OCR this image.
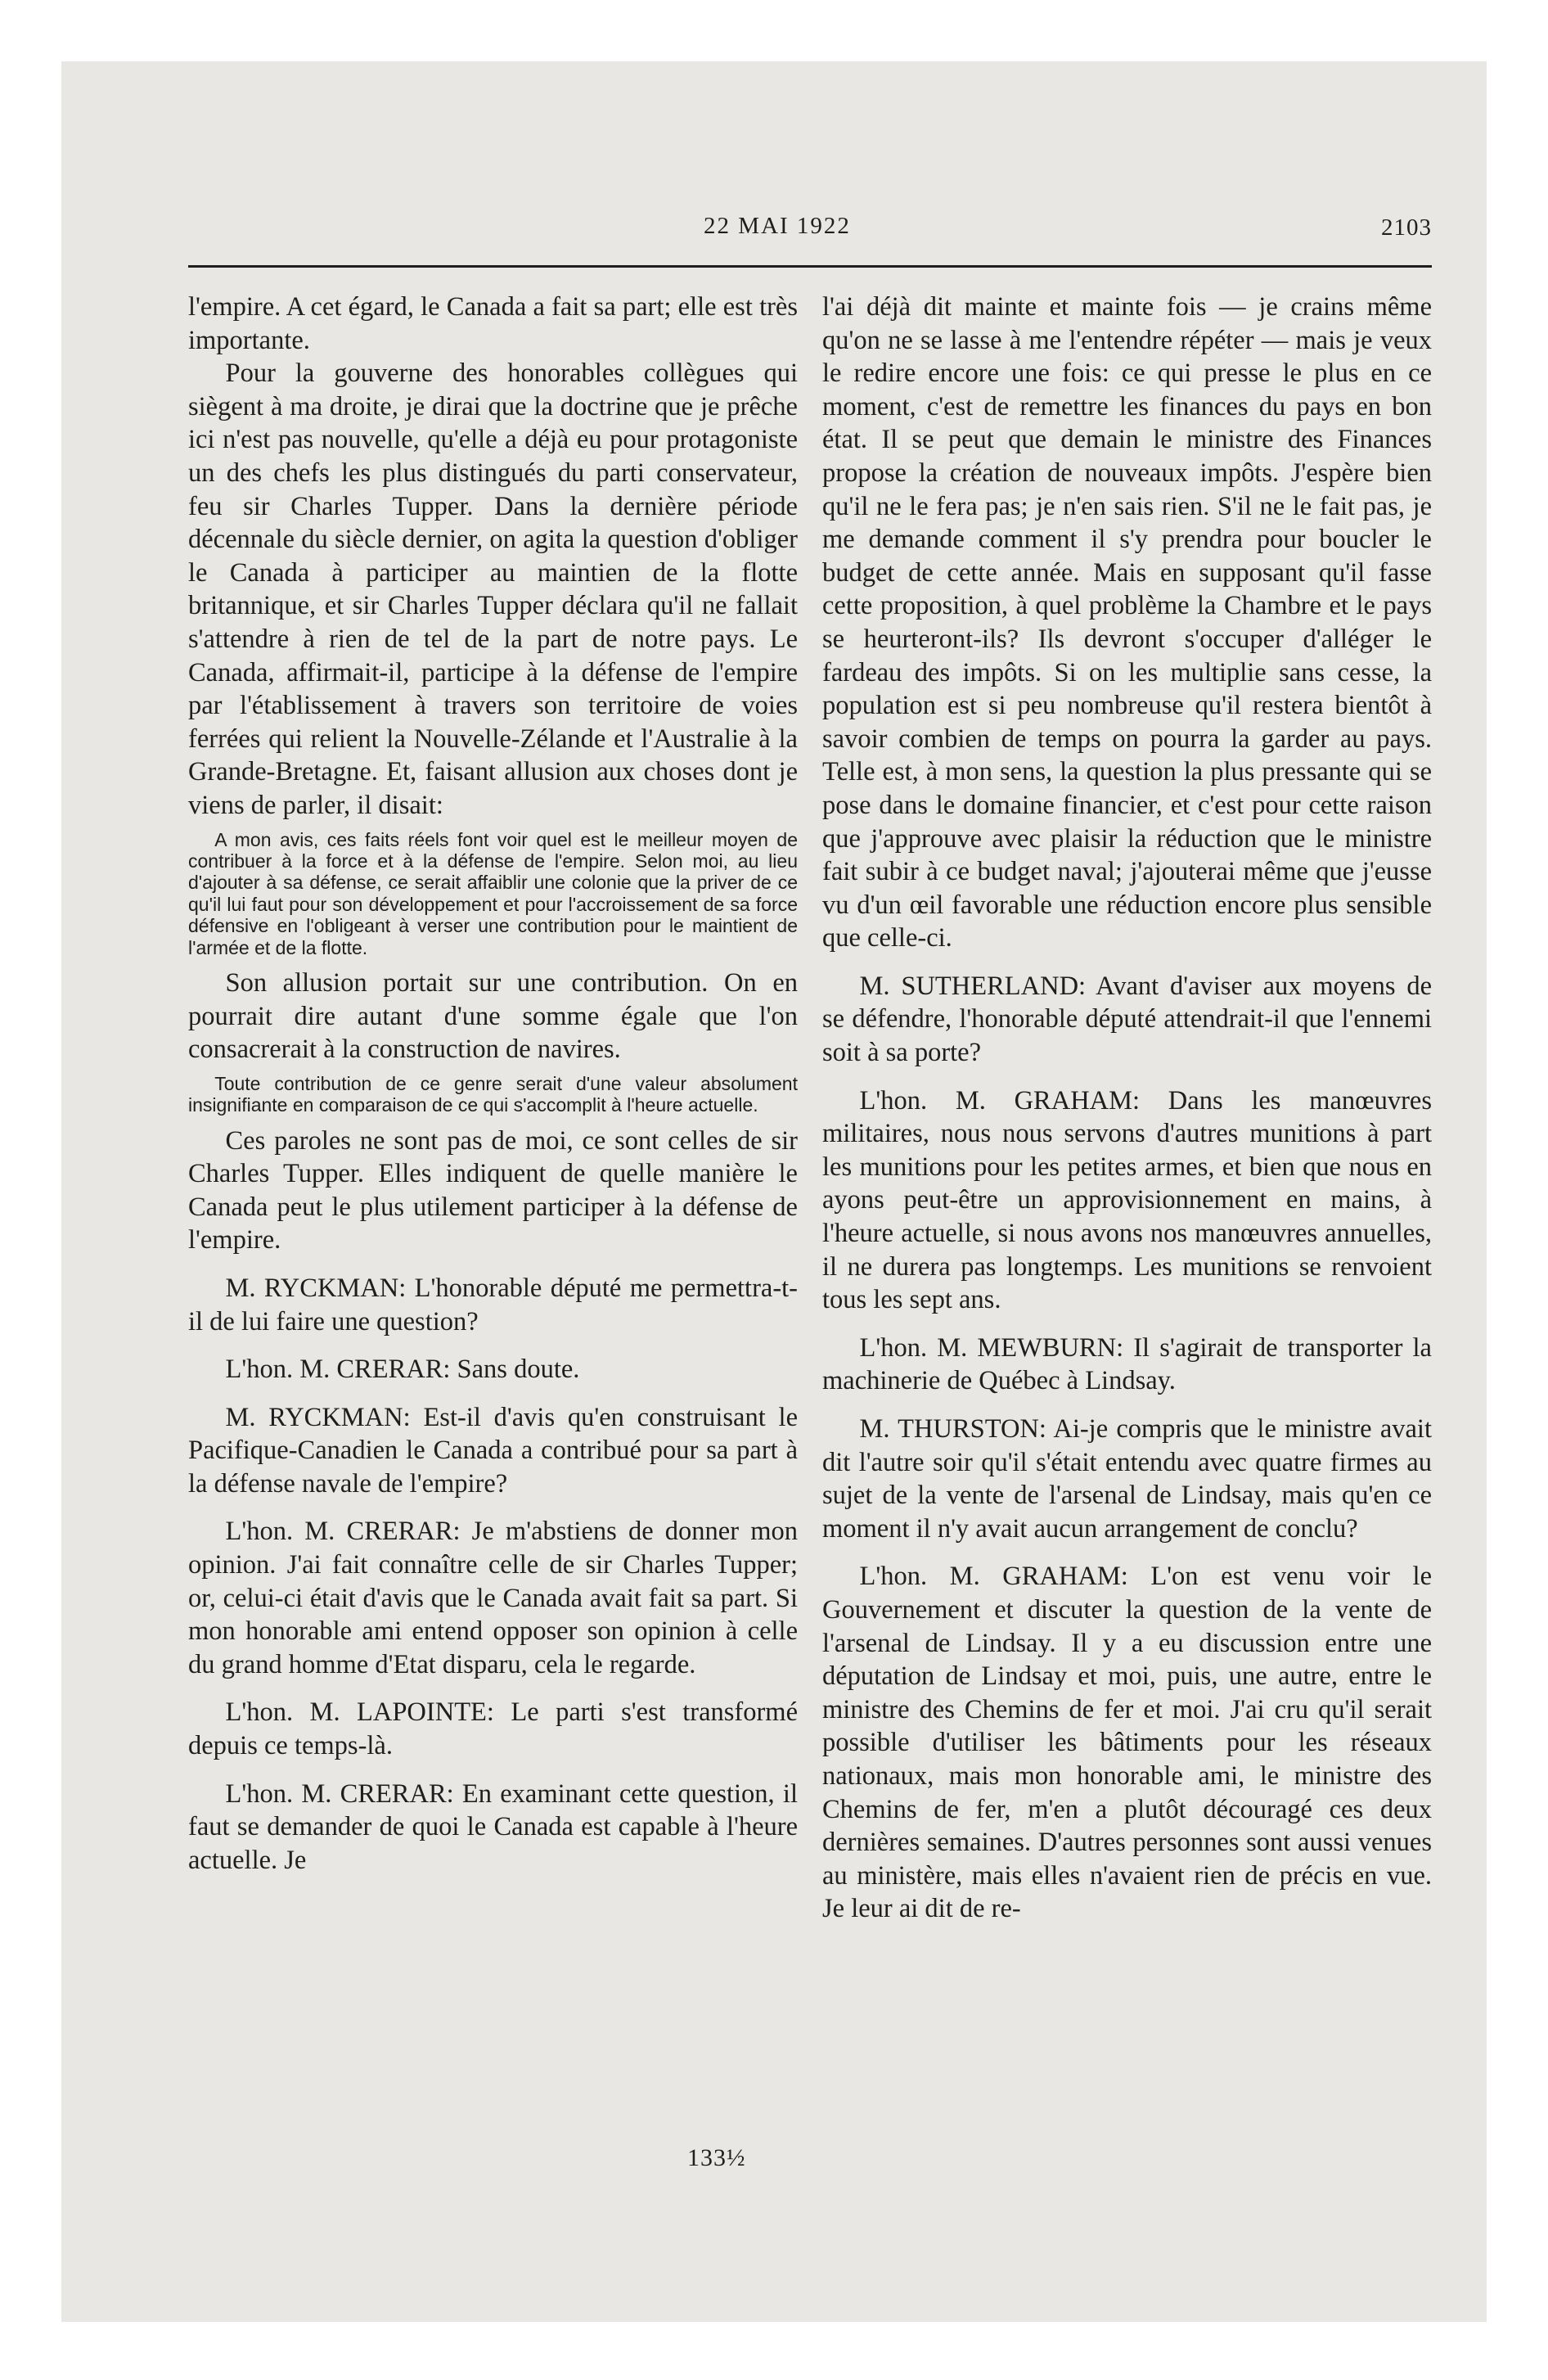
22 MAI 1922	2103

l'empire. A cet égard, le Canada a fait sa part; elle est très importante.

Pour la gouverne des honorables collègues qui siègent à ma droite, je dirai que la doctrine que je prêche ici n'est pas nouvelle, qu'elle a déjà eu pour protagoniste un des chefs les plus distingués du parti conservateur, feu sir Charles Tupper. Dans la dernière période décennale du siècle dernier, on agita la question d'obliger le Canada à participer au maintien de la flotte britannique, et sir Charles Tupper déclara qu'il ne fallait s'attendre à rien de tel de la part de notre pays. Le Canada, affirmait-il, participe à la défense de l'empire par l'établissement à travers son territoire de voies ferrées qui relient la Nouvelle-Zélande et l'Australie à la Grande-Bretagne. Et, faisant allusion aux choses dont je viens de parler, il disait:

A mon avis, ces faits réels font voir quel est le meilleur moyen de contribuer à la force et à la défense de l'empire. Selon moi, au lieu d'ajouter à sa défense, ce serait affaiblir une colonie que la priver de ce qu'il lui faut pour son développement et pour l'accroissement de sa force défensive en l'obligeant à verser une contribution pour le maintient de l'armée et de la flotte.

Son allusion portait sur une contribution. On en pourrait dire autant d'une somme égale que l'on consacrerait à la construction de navires.

Toute contribution de ce genre serait d'une valeur absolument insignifiante en comparaison de ce qui s'accomplit à l'heure actuelle.

Ces paroles ne sont pas de moi, ce sont celles de sir Charles Tupper. Elles indiquent de quelle manière le Canada peut le plus utilement participer à la défense de l'empire.

M. RYCKMAN: L'honorable député me permettra-t-il de lui faire une question?

L'hon. M. CRERAR: Sans doute.

M. RYCKMAN: Est-il d'avis qu'en construisant le Pacifique-Canadien le Canada a contribué pour sa part à la défense navale de l'empire?

L'hon. M. CRERAR: Je m'abstiens de donner mon opinion. J'ai fait connaître celle de sir Charles Tupper; or, celui-ci était d'avis que le Canada avait fait sa part. Si mon honorable ami entend opposer son opinion à celle du grand homme d'Etat disparu, cela le regarde.

L'hon. M. LAPOINTE: Le parti s'est transformé depuis ce temps-là.

L'hon. M. CRERAR: En examinant cette question, il faut se demander de quoi le Canada est capable à l'heure actuelle. Je

l'ai déjà dit mainte et mainte fois — je crains même qu'on ne se lasse à me l'entendre répéter — mais je veux le redire encore une fois: ce qui presse le plus en ce moment, c'est de remettre les finances du pays en bon état. Il se peut que demain le ministre des Finances propose la création de nouveaux impôts. J'espère bien qu'il ne le fera pas; je n'en sais rien. S'il ne le fait pas, je me demande comment il s'y prendra pour boucler le budget de cette année. Mais en supposant qu'il fasse cette proposition, à quel problème la Chambre et le pays se heurteront-ils? Ils devront s'occuper d'alléger le fardeau des impôts. Si on les multiplie sans cesse, la population est si peu nombreuse qu'il restera bientôt à savoir combien de temps on pourra la garder au pays. Telle est, à mon sens, la question la plus pressante qui se pose dans le domaine financier, et c'est pour cette raison que j'approuve avec plaisir la réduction que le ministre fait subir à ce budget naval; j'ajouterai même que j'eusse vu d'un œil favorable une réduction encore plus sensible que celle-ci.

M. SUTHERLAND: Avant d'aviser aux moyens de se défendre, l'honorable député attendrait-il que l'ennemi soit à sa porte?

L'hon. M. GRAHAM: Dans les manœuvres militaires, nous nous servons d'autres munitions à part les munitions pour les petites armes, et bien que nous en ayons peut-être un approvisionnement en mains, à l'heure actuelle, si nous avons nos manœuvres annuelles, il ne durera pas longtemps. Les munitions se renvoient tous les sept ans.

L'hon. M. MEWBURN: Il s'agirait de transporter la machinerie de Québec à Lindsay.

M. THURSTON: Ai-je compris que le ministre avait dit l'autre soir qu'il s'était entendu avec quatre firmes au sujet de la vente de l'arsenal de Lindsay, mais qu'en ce moment il n'y avait aucun arrangement de conclu?

L'hon. M. GRAHAM: L'on est venu voir le Gouvernement et discuter la question de la vente de l'arsenal de Lindsay. Il y a eu discussion entre une députation de Lindsay et moi, puis, une autre, entre le ministre des Chemins de fer et moi. J'ai cru qu'il serait possible d'utiliser les bâtiments pour les réseaux nationaux, mais mon honorable ami, le ministre des Chemins de fer, m'en a plutôt découragé ces deux dernières semaines. D'autres personnes sont aussi venues au ministère, mais elles n'avaient rien de précis en vue. Je leur ai dit de re-

133½
